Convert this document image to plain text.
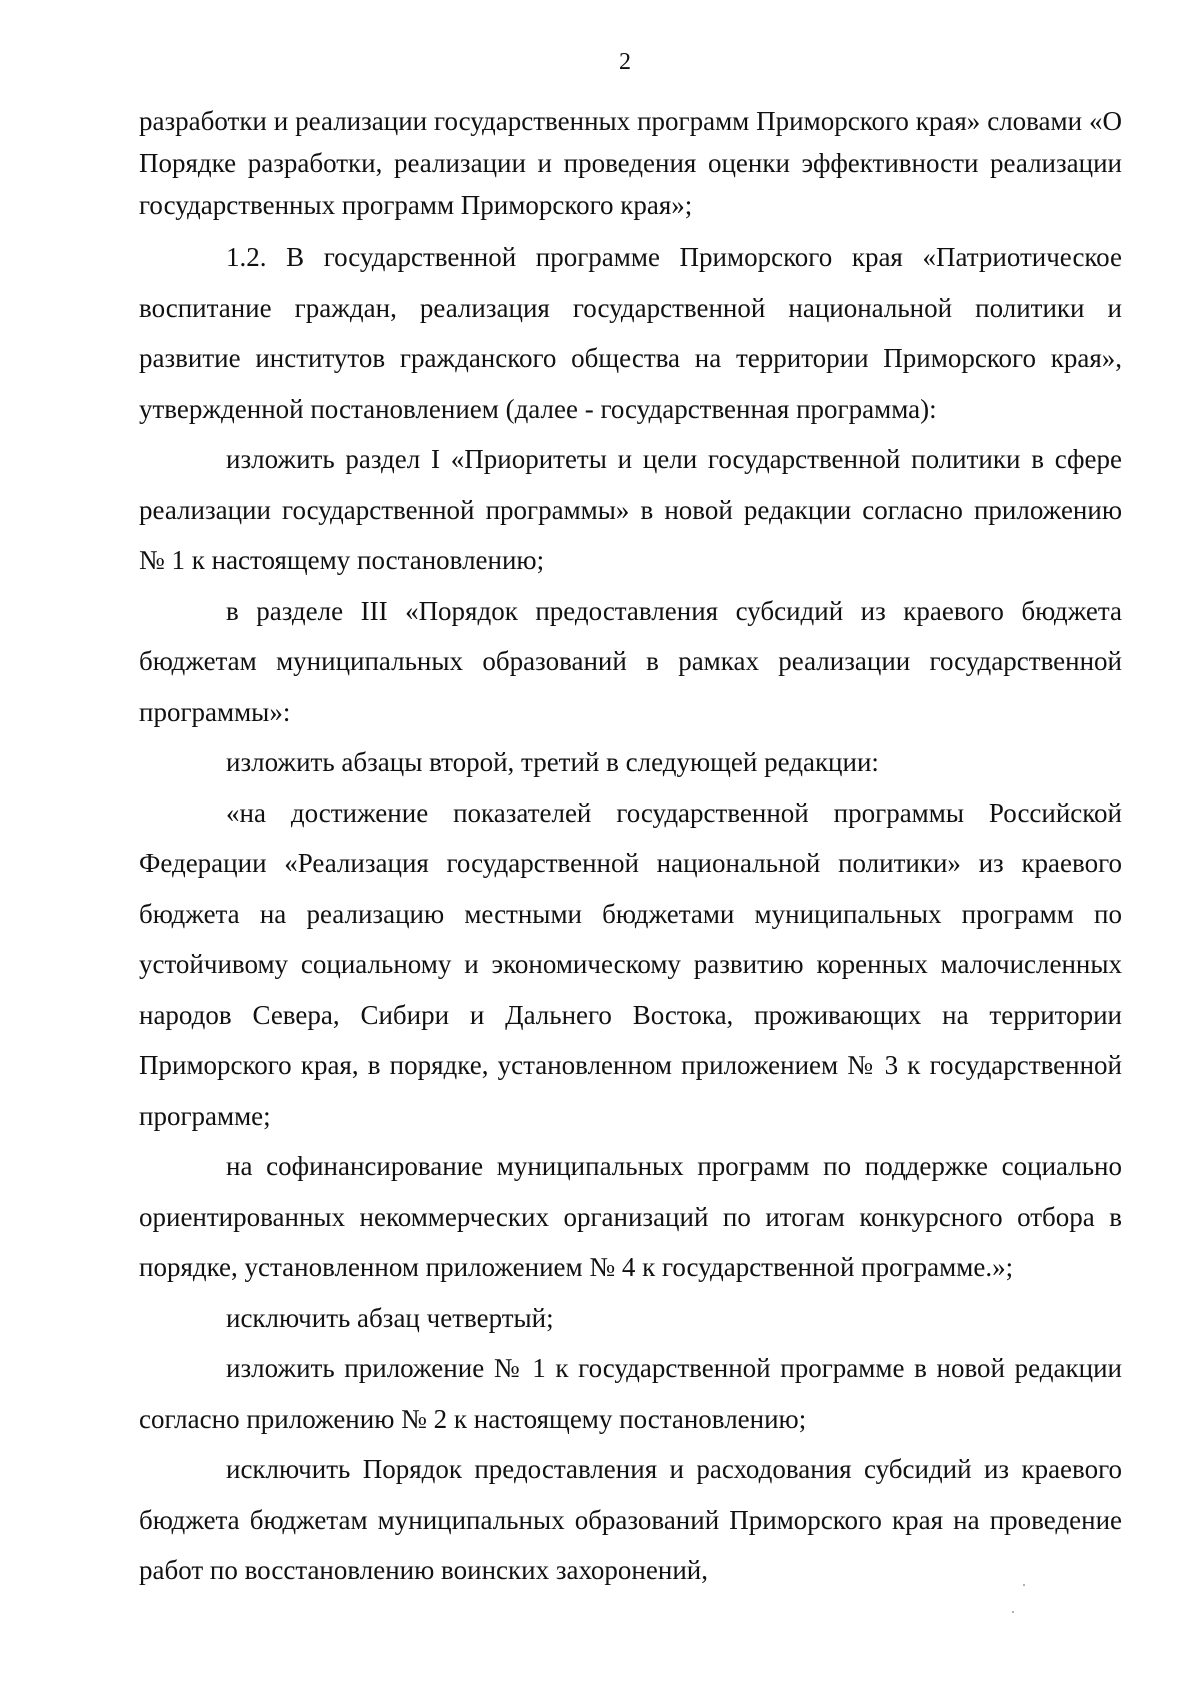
2

разработки и реализации государственных программ Приморского края» словами «О Порядке разработки, реализации и проведения оценки эффективности реализации государственных программ Приморского края»;

1.2. В государственной программе Приморского края «Патриотическое воспитание граждан, реализация государственной национальной политики и развитие институтов гражданского общества на территории Приморского края», утвержденной постановлением (далее - государственная программа):

изложить раздел I «Приоритеты и цели государственной политики в сфере реализации государственной программы» в новой редакции согласно приложению № 1 к настоящему постановлению;

в разделе III «Порядок предоставления субсидий из краевого бюджета бюджетам муниципальных образований в рамках реализации государственной программы»:

изложить абзацы второй, третий в следующей редакции:

«на достижение показателей государственной программы Российской Федерации «Реализация государственной национальной политики» из краевого бюджета на реализацию местными бюджетами муниципальных программ по устойчивому социальному и экономическому развитию коренных малочисленных народов Севера, Сибири и Дальнего Востока, проживающих на территории Приморского края, в порядке, установленном приложением № 3 к государственной программе;

на софинансирование муниципальных программ по поддержке социально ориентированных некоммерческих организаций по итогам конкурсного отбора в порядке, установленном приложением № 4 к государственной программе.»;

исключить абзац четвертый;

изложить приложение № 1 к государственной программе в новой редакции согласно приложению № 2 к настоящему постановлению;

исключить Порядок предоставления и расходования субсидий из краевого бюджета бюджетам муниципальных образований Приморского края на проведение работ по восстановлению воинских захоронений,
